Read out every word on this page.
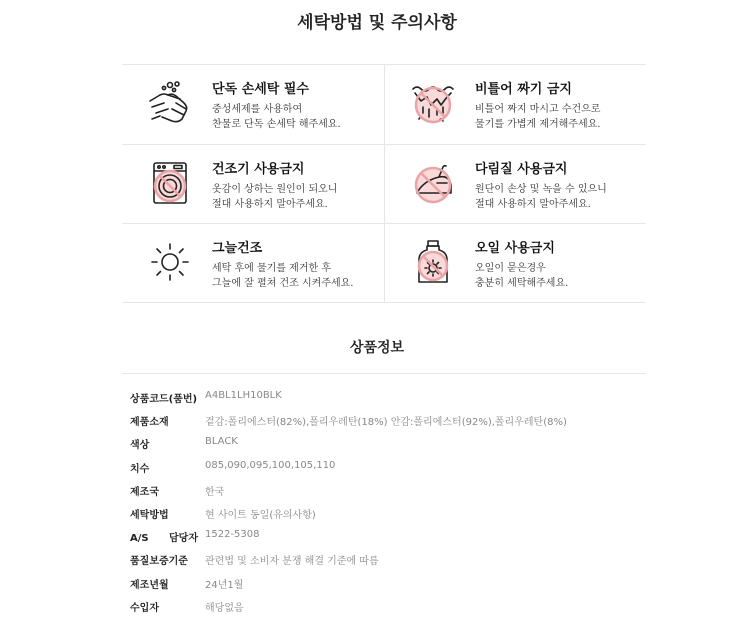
세탁방법 및 주의사항
단독 손세탁 필수
중성세제를 사용하여
찬물로 단독 손세탁 해주세요.
비틀어 짜기 금지
비틀어 짜지 마시고 수건으로
물기를 가볍게 제거해주세요.
건조기 사용금지
옷감이 상하는 원인이 되오니
절대 사용하지 말아주세요.
다림질 사용금지
원단이 손상 및 녹을 수 있으니
절대 사용하지 말아주세요.
그늘건조
세탁 후에 물기를 제거한 후
그늘에 잘 펼쳐 건조 시켜주세요.
오일 사용금지
오일이 묻은경우
충분히 세탁해주세요.
상품정보
상품코드(품번) A4BL1LH10BLK
제품소재	겉감:폴리에스터(82%),폴리우레탄(18%) 안감:폴리에스터(92%),폴리우레탄(8%)
색상	BLACK
치수	085,090,095,100,105,110
제조국	한국
세탁방법	현 사이트 동일(유의사항)
A/S 담당자 1522-5308
품질보증기준	관련법 및 소비자 분쟁 해결 기준에 따름
제조년월	24년1월
수입자	해당없음
